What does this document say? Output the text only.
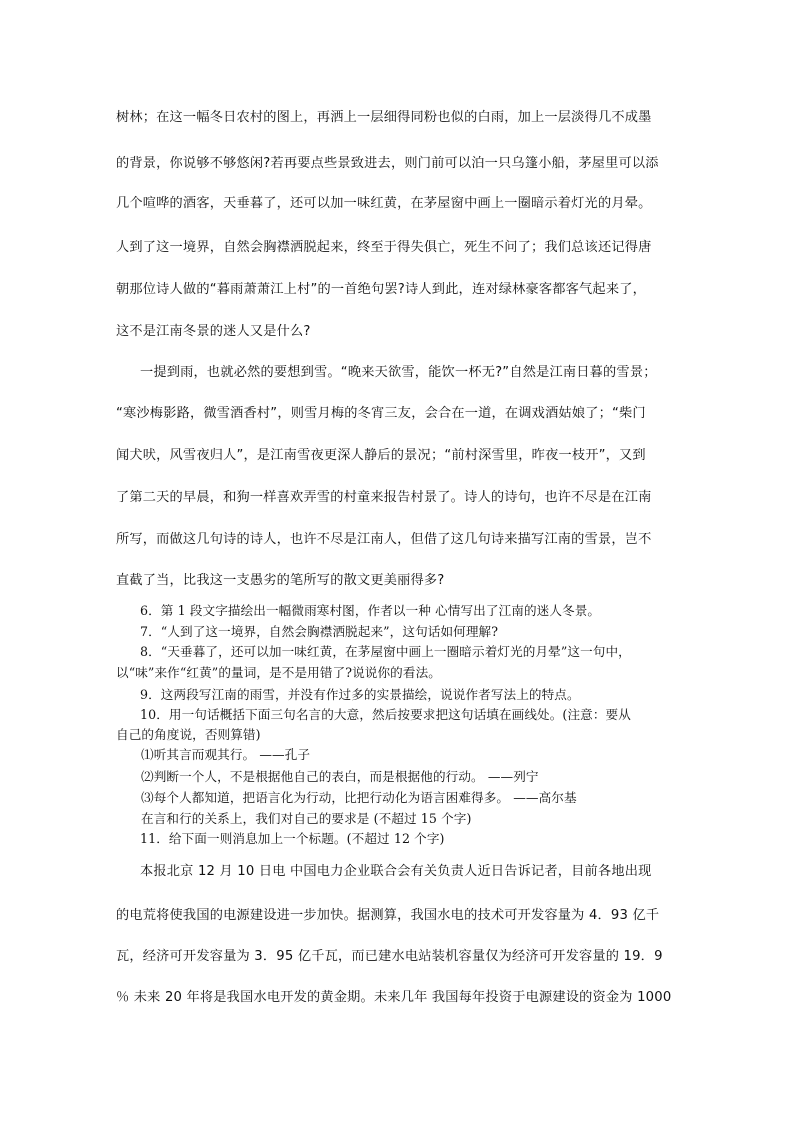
树林；在这一幅冬日农村的图上，再洒上一层细得同粉也似的白雨，加上一层淡得几不成墨
的背景，你说够不够悠闲?若再要点些景致进去，则门前可以泊一只乌篷小船，茅屋里可以添
几个喧哗的酒客，天垂暮了，还可以加一味红黄，在茅屋窗中画上一圈暗示着灯光的月晕。
人到了这一境界，自然会胸襟洒脱起来，终至于得失俱亡，死生不问了；我们总该还记得唐
朝那位诗人做的“暮雨萧萧江上村”的一首绝句罢?诗人到此，连对绿林豪客都客气起来了，
这不是江南冬景的迷人又是什么?
一提到雨，也就必然的要想到雪。“晚来天欲雪，能饮一杯无?”自然是江南日暮的雪景；
“寒沙梅影路，微雪酒香村”，则雪月梅的冬宵三友，会合在一道，在调戏酒姑娘了；“柴门
闻犬吠，风雪夜归人”，是江南雪夜更深人静后的景况；“前村深雪里，昨夜一枝开”，又到
了第二天的早晨，和狗一样喜欢弄雪的村童来报告村景了。诗人的诗句，也许不尽是在江南
所写，而做这几句诗的诗人，也许不尽是江南人，但借了这几句诗来描写江南的雪景，岂不
直截了当，比我这一支愚劣的笔所写的散文更美丽得多?
6．第 1 段文字描绘出一幅微雨寒村图，作者以一种 心情写出了江南的迷人冬景。
7．“人到了这一境界，自然会胸襟洒脱起来”，这句话如何理解?
8．“天垂暮了，还可以加一味红黄，在茅屋窗中画上一圈暗示着灯光的月晕”这一句中，
以“味”来作“红黄”的量词，是不是用错了?说说你的看法。
9．这两段写江南的雨雪，并没有作过多的实景描绘，说说作者写法上的特点。
10．用一句话概括下面三句名言的大意，然后按要求把这句话填在画线处。(注意：要从
自己的角度说，否则算错)
⑴听其言而观其行。 ——孔子
⑵判断一个人，不是根据他自己的表白，而是根据他的行动。 ——列宁
⑶每个人都知道，把语言化为行动，比把行动化为语言困难得多。 ——高尔基
在言和行的关系上，我们对自己的要求是 (不超过 15 个字)
11．给下面一则消息加上一个标题。(不超过 12 个字)
本报北京 12 月 10 日电 中国电力企业联合会有关负责人近日告诉记者，目前各地出现
的电荒将使我国的电源建设进一步加快。据测算，我国水电的技术可开发容量为 4．93 亿千
瓦，经济可开发容量为 3．95 亿千瓦，而已建水电站装机容量仅为经济可开发容量的 19．9
％ 未来 20 年将是我国水电开发的黄金期。未来几年 我国每年投资于电源建设的资金为 1000
